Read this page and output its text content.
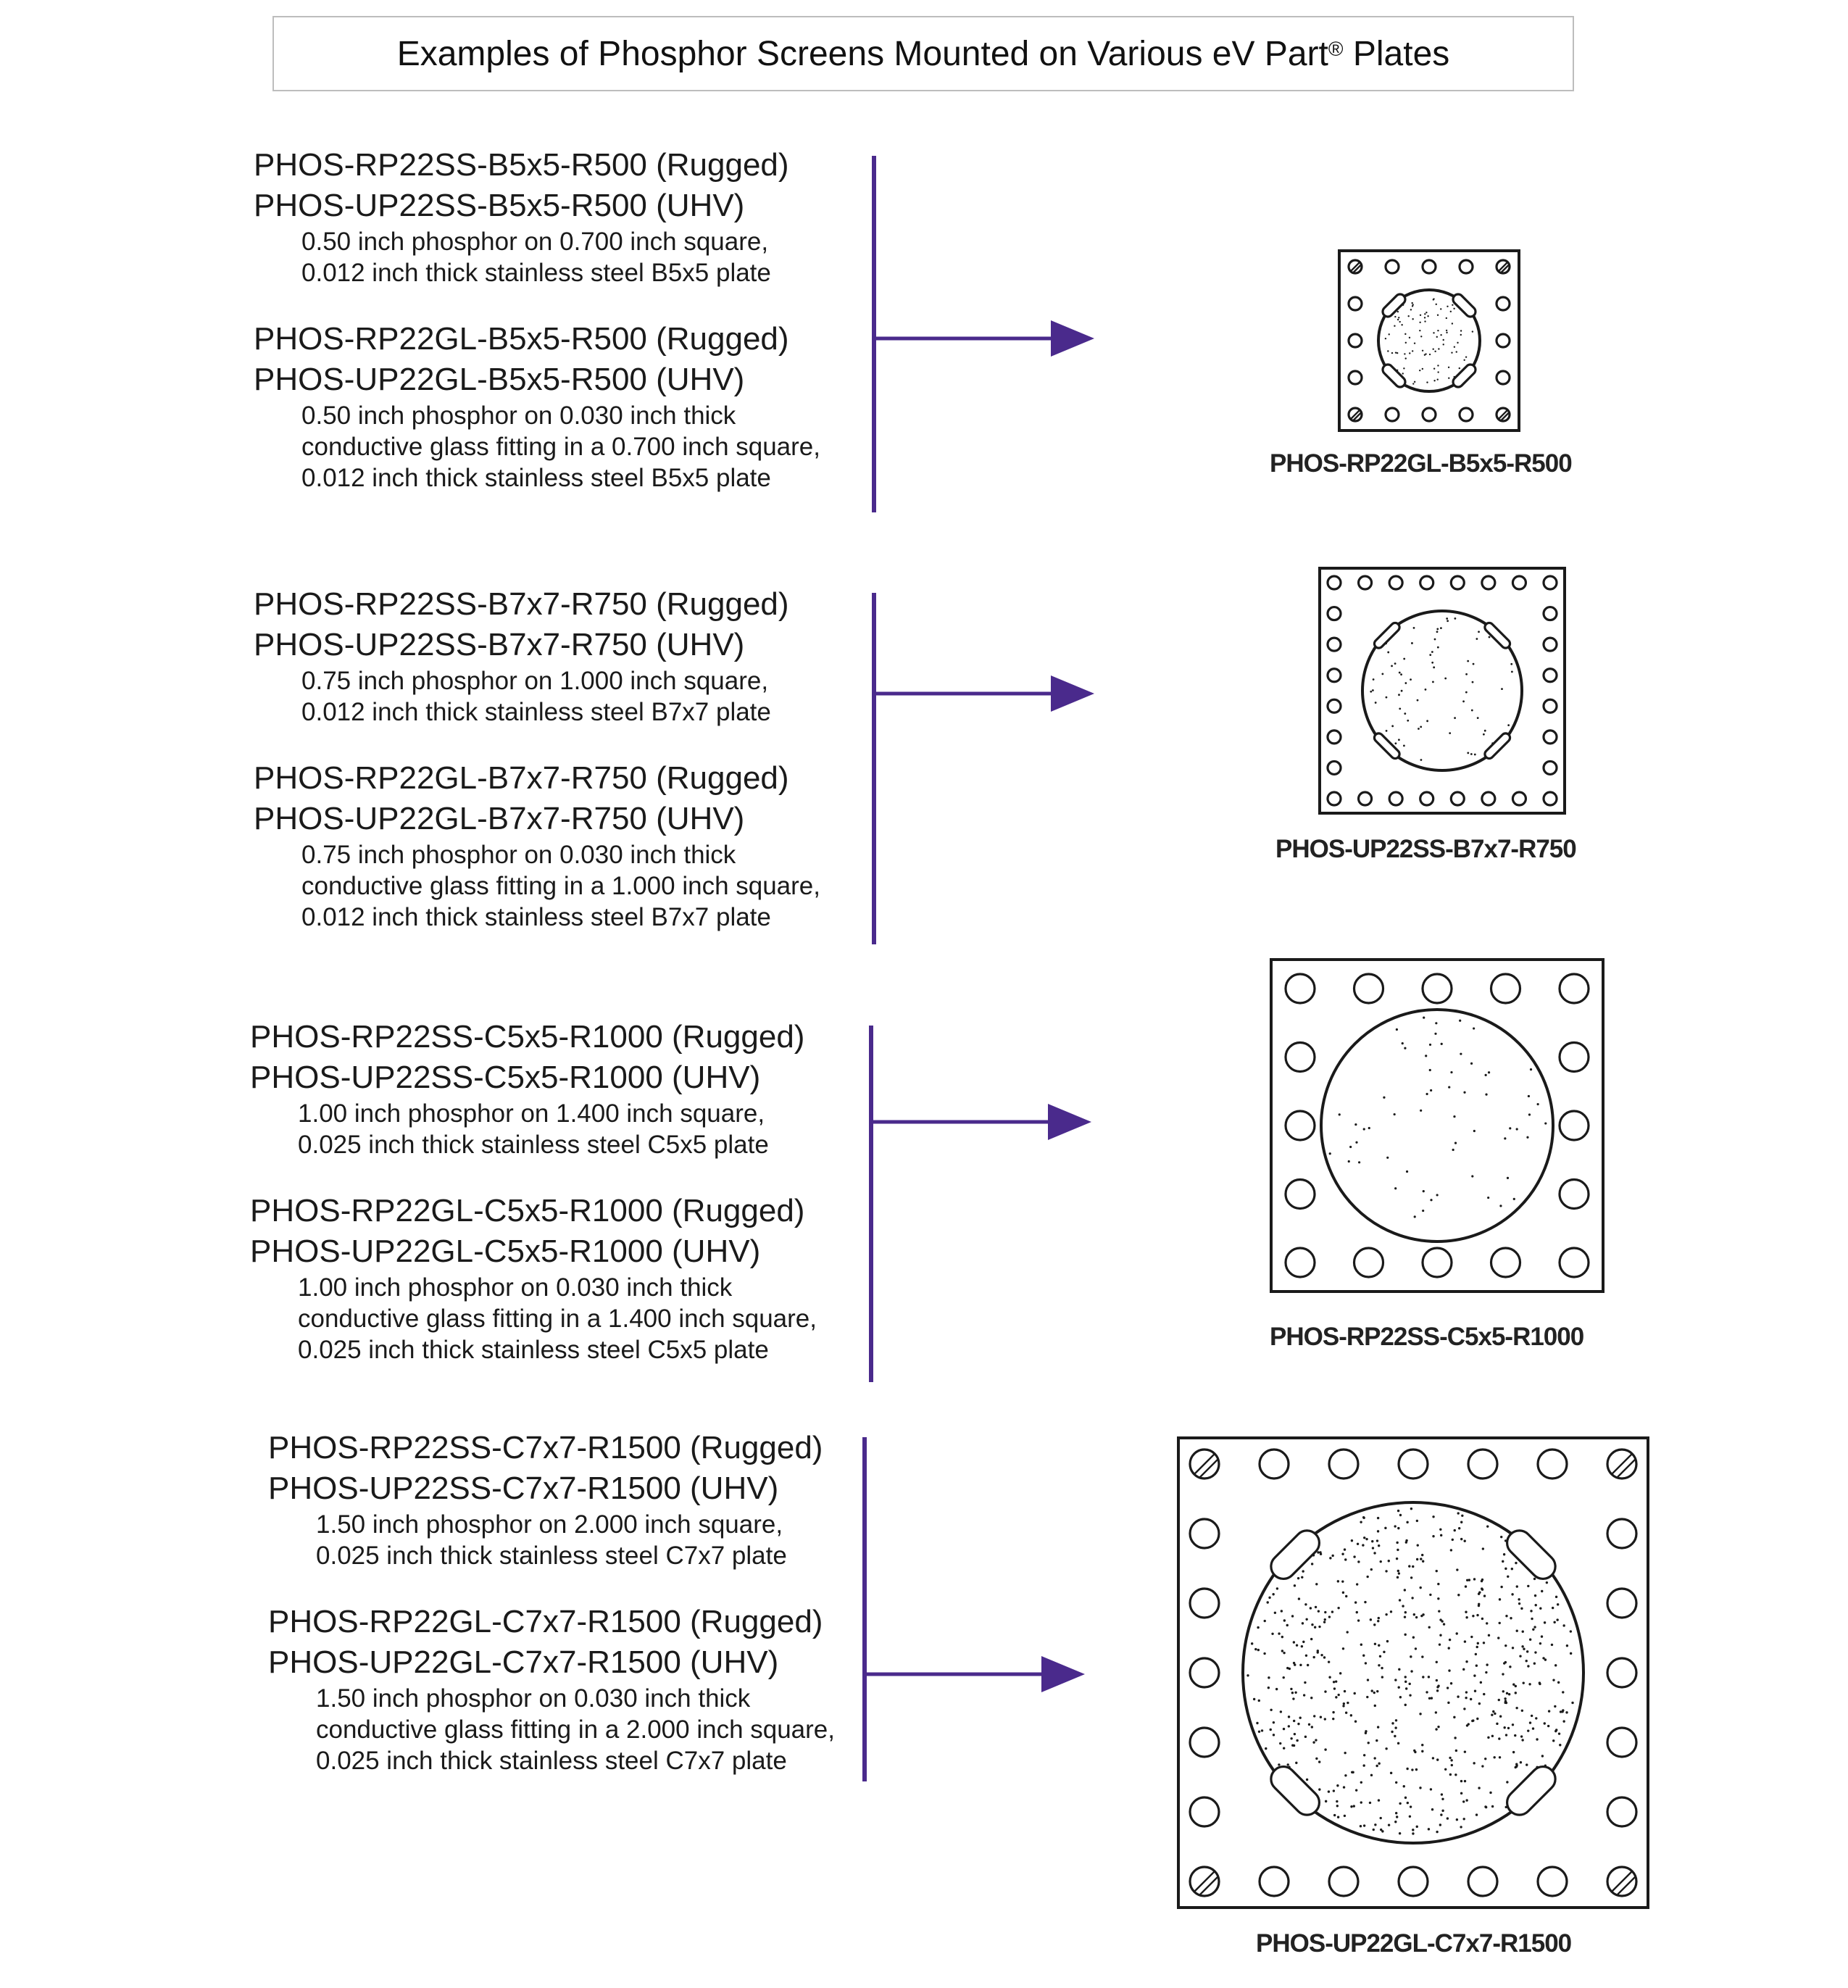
Examples of Phosphor Screens Mounted on Various eV Part®
Plates
PHOS-RP22SS-B5x5-R500 (Rugged)
PHOS-UP22SS-B5x5-R500 (UHV)
0.50 inch phosphor on 0.700 inch square,
0.012 inch thick stainless steel B5x5 plate
PHOS-RP22GL-B5x5-R500 (Rugged)
PHOS-UP22GL-B5x5-R500 (UHV)
0.50 inch phosphor on 0.030 inch thick
conductive glass fitting in a 0.700 inch square,
0.012 inch thick stainless steel B5x5 plate
PHOS-RP22SS-B7x7-R750 (Rugged)
PHOS-UP22SS-B7x7-R750 (UHV)
0.75 inch phosphor on 1.000 inch square,
0.012 inch thick stainless steel B7x7 plate
PHOS-RP22GL-B7x7-R750 (Rugged)
PHOS-UP22GL-B7x7-R750 (UHV)
0.75 inch phosphor on 0.030 inch thick
conductive glass fitting in a 1.000 inch square,
0.012 inch thick stainless steel B7x7 plate
PHOS-RP22SS-C5x5-R1000 (Rugged)
PHOS-UP22SS-C5x5-R1000 (UHV)
1.00 inch phosphor on 1.400 inch square,
0.025 inch thick stainless steel C5x5 plate
PHOS-RP22GL-C5x5-R1000 (Rugged)
PHOS-UP22GL-C5x5-R1000 (UHV)
1.00 inch phosphor on 0.030 inch thick
conductive glass fitting in a 1.400 inch square,
0.025 inch thick stainless steel C5x5 plate
PHOS-RP22SS-C7x7-R1500 (Rugged)
PHOS-UP22SS-C7x7-R1500 (UHV)
1.50 inch phosphor on 2.000 inch square,
0.025 inch thick stainless steel C7x7 plate
PHOS-RP22GL-C7x7-R1500 (Rugged)
PHOS-UP22GL-C7x7-R1500 (UHV)
1.50 inch phosphor on 0.030 inch thick
conductive glass fitting in a 2.000 inch square,
0.025 inch thick stainless steel C7x7 plate
PHOS-RP22GL-B5x5-R500
PHOS-UP22SS-B7x7-R750
PHOS-RP22SS-C5x5-R1000
PHOS-UP22GL-C7x7-R1500
